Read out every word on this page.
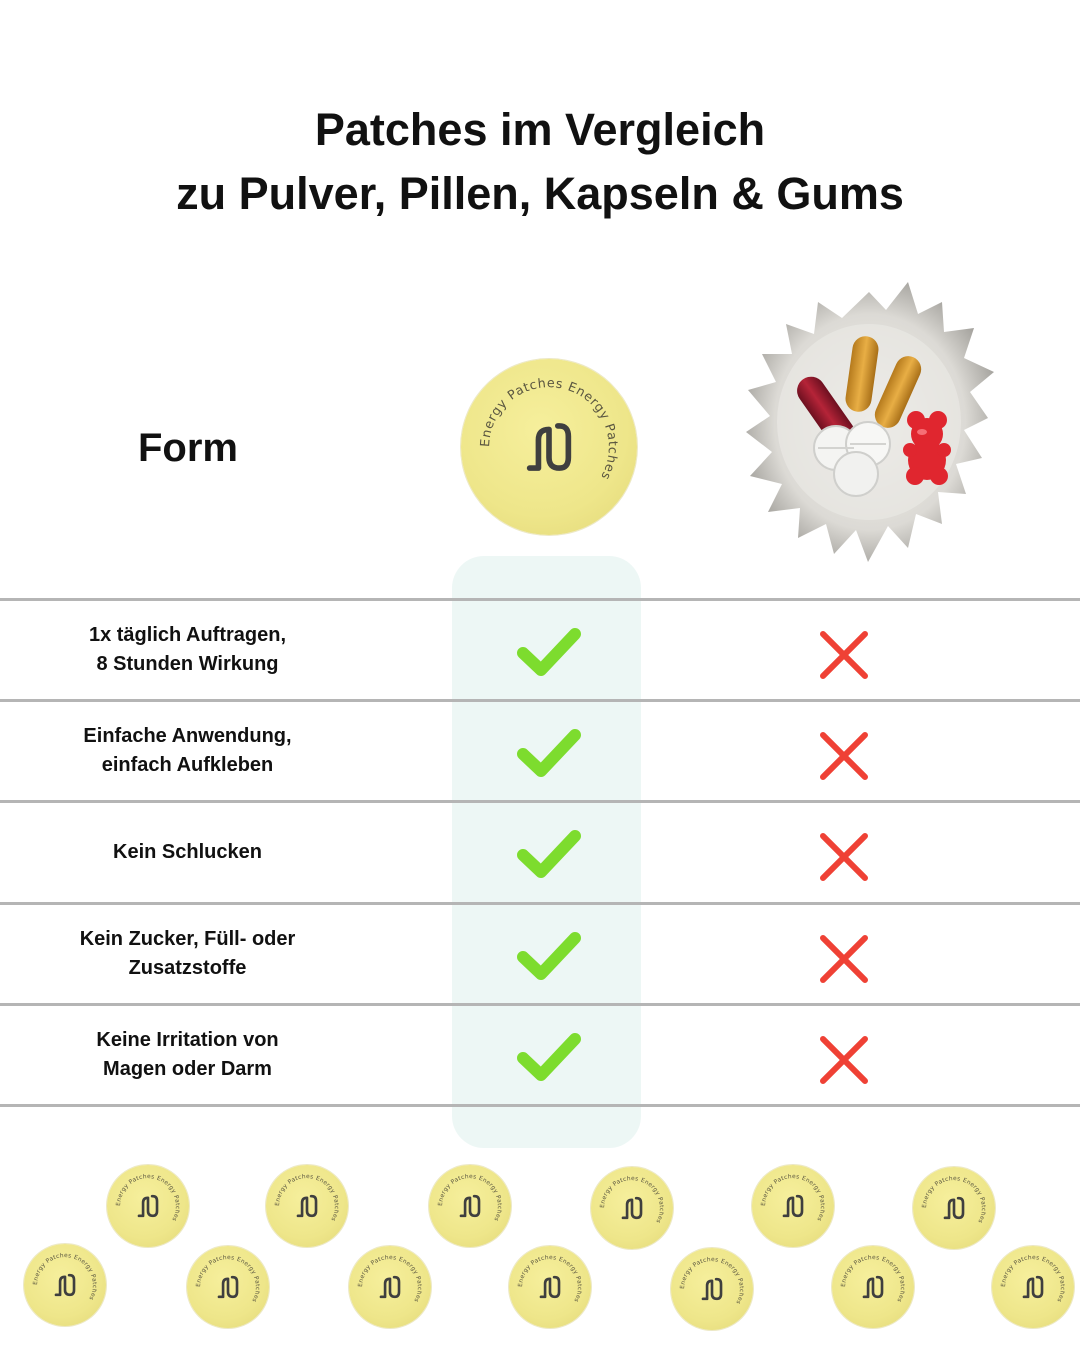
Patches im Vergleich
zu Pulver, Pillen, Kapseln & Gums
Form	Energy Patches Energy Patches
1x täglich Auftragen,
8 Stunden Wirkung
Einfache Anwendung,
einfach Aufkleben
Kein Schlucken
Kein Zucker, Füll- oder
Zusatzstoffe
Keine Irritation von
Magen oder Darm
Energy Patches Energy Patches
Energy Patches Energy Patches
Energy Patches Energy Patches
Energy Patches Energy Patches
Energy Patches Energy Patches
Energy Patches Energy Patches
Energy Patches Energy Patches
Energy Patches Energy Patches
Energy Patches Energy Patches
Energy Patches Energy Patches
Energy Patches Energy Patches
Energy Patches Energy Patches
Energy Patches Energy Patches
